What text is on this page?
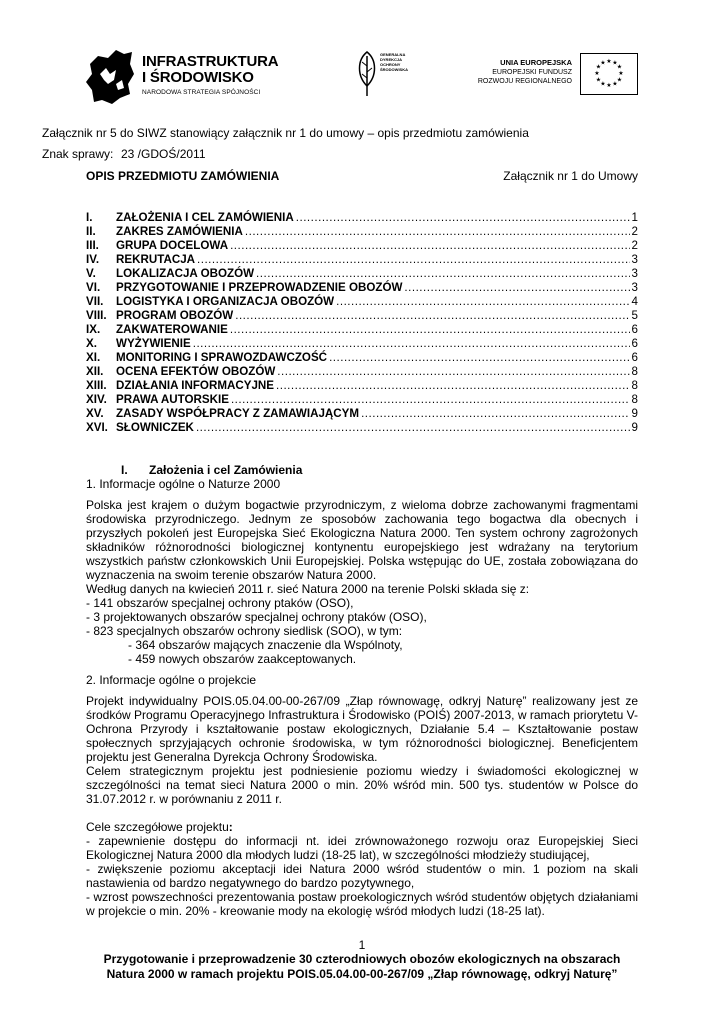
INFRASTRUKTURA
I ŚRODOWISKO
NARODOWA STRATEGIA SPÓJNOŚCI
GENERALNA DYREKCJA OCHRONY ŚRODOWISKA
UNIA EUROPEJSKA
EUROPEJSKI FUNDUSZ
ROZWOJU REGIONALNEGO
★ ★
★
★
★
★
★
★
★
★
★
★
Załącznik nr 5 do SIWZ stanowiący załącznik nr 1 do umowy – opis przedmiotu zamówienia
Znak sprawy: 23 /GDOŚ/2011
OPIS PRZEDMIOTU ZAMÓWIENIA	Załącznik nr 1 do Umowy
I.	ZAŁOŻENIA I CEL ZAMÓWIENIA .....	1
II.	ZAKRES ZAMÓWIENIA .....	2
III.	GRUPA DOCELOWA .....	2
IV.	REKRUTACJA .....	3
V.	LOKALIZACJA OBOZÓW .....	3
VI.	PRZYGOTOWANIE I PRZEPROWADZENIE OBOZÓW .....	3
VII.	LOGISTYKA I ORGANIZACJA OBOZÓW .....	4
VIII. PROGRAM OBOZÓW .....	5
IX.	ZAKWATEROWANIE .....	6
X.	WYŻYWIENIE .....	6
XI.	MONITORING I SPRAWOZDAWCZOŚĆ .....	6
XII.	OCENA EFEKTÓW OBOZÓW .....	8
XIII. DZIAŁANIA INFORMACYJNE .....	8
XIV. PRAWA AUTORSKIE .....	8
XV.	ZASADY WSPÓŁPRACY Z ZAMAWIAJĄCYM .....	9
XVI. SŁOWNICZEK .....	9
I. Założenia i cel Zamówienia
1. Informacje ogólne o Naturze 2000

Polska jest krajem o dużym bogactwie przyrodniczym, z wieloma dobrze zachowanymi fragmentami środowiska przyrodniczego. Jednym ze sposobów zachowania tego bogactwa dla obecnych i przyszłych pokoleń jest Europejska Sieć Ekologiczna Natura 2000. Ten system ochrony zagrożonych składników różnorodności biologicznej kontynentu europejskiego jest wdrażany na terytorium wszystkich państw członkowskich Unii Europejskiej. Polska wstępując do UE, została zobowiązana do wyznaczenia na swoim terenie obszarów Natura 2000.

Według danych na kwiecień 2011 r. sieć Natura 2000 na terenie Polski składa się z:

- 141 obszarów specjalnej ochrony ptaków (OSO),

- 3 projektowanych obszarów specjalnej ochrony ptaków (OSO),

- 823 specjalnych obszarów ochrony siedlisk (SOO), w tym:

- 364 obszarów mających znaczenie dla Wspólnoty,

- 459 nowych obszarów zaakceptowanych.

2. Informacje ogólne o projekcie

Projekt indywidualny POIS.05.04.00-00-267/09 „Złap równowagę, odkryj Naturę” realizowany jest ze środków Programu Operacyjnego Infrastruktura i Środowisko (POIŚ) 2007-2013, w ramach priorytetu V- Ochrona Przyrody i kształtowanie postaw ekologicznych, Działanie 5.4 – Kształtowanie postaw społecznych sprzyjających ochronie środowiska, w tym różnorodności biologicznej. Beneficjentem projektu jest Generalna Dyrekcja Ochrony Środowiska.

Celem strategicznym projektu jest podniesienie poziomu wiedzy i świadomości ekologicznej w szczególności na temat sieci Natura 2000 o min. 20% wśród min. 500 tys. studentów w Polsce do 31.07.2012 r. w porównaniu z 2011 r.

Cele szczegółowe projektu:

- zapewnienie dostępu do informacji nt. idei zrównoważonego rozwoju oraz Europejskiej Sieci Ekologicznej Natura 2000 dla młodych ludzi (18-25 lat), w szczególności młodzieży studiującej,

- zwiększenie poziomu akceptacji idei Natura 2000 wśród studentów o min. 1 poziom na skali nastawienia od bardzo negatywnego do bardzo pozytywnego,

- wzrost powszechności prezentowania postaw proekologicznych wśród studentów objętych działaniami w projekcie o min. 20% - kreowanie mody na ekologię wśród młodych ludzi (18-25 lat).

1
Przygotowanie i przeprowadzenie 30 czterodniowych obozów ekologicznych na obszarach
Natura 2000 w ramach projektu POIS.05.04.00-00-267/09 „Złap równowagę, odkryj Naturę”
